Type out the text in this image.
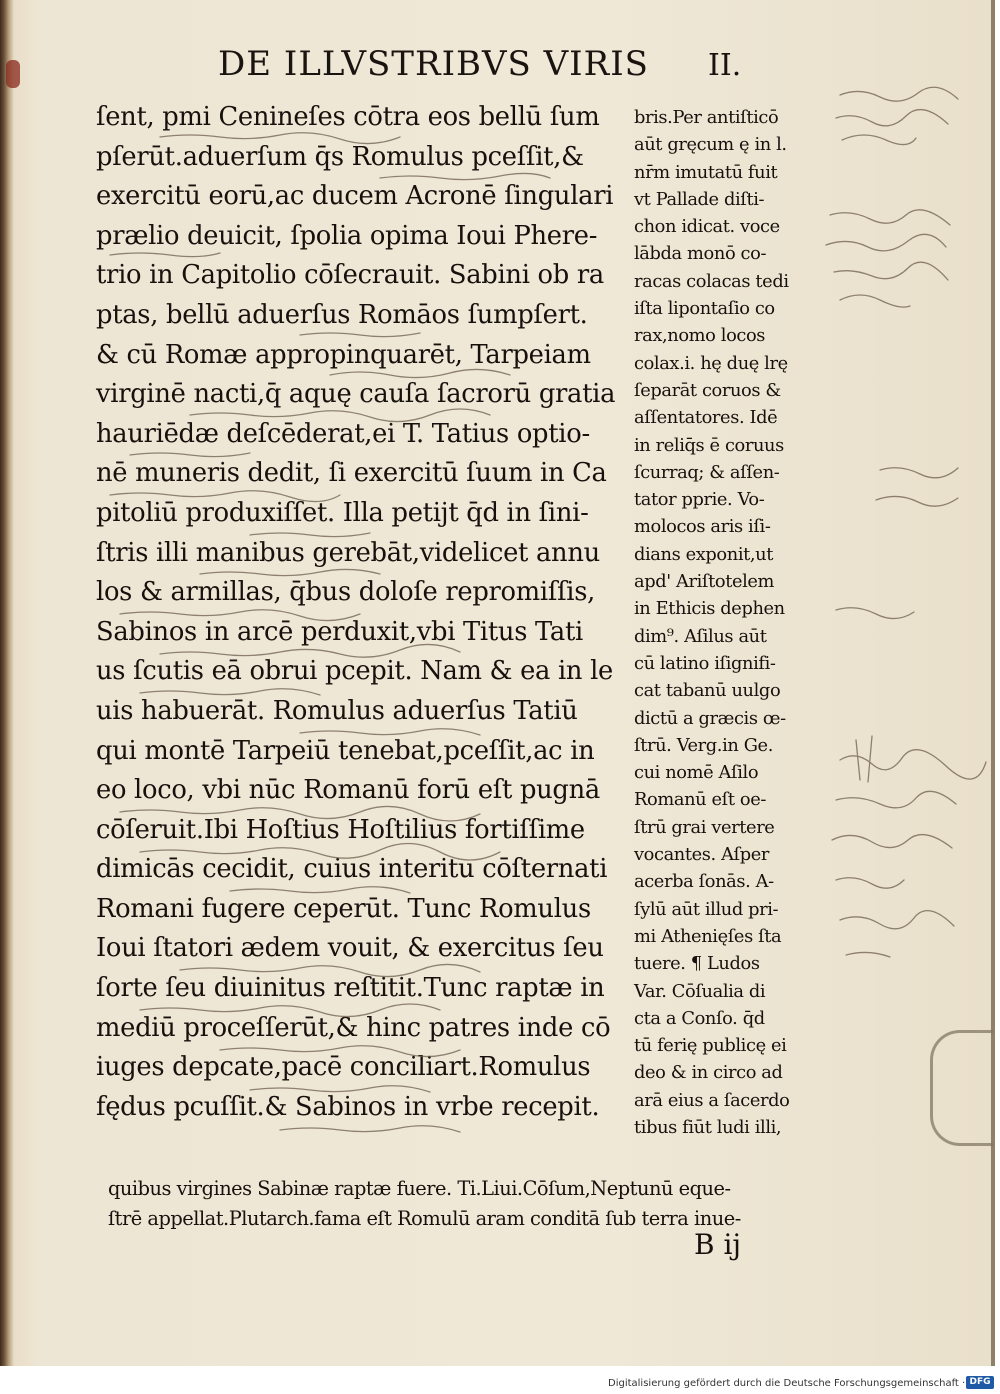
DE ILLVSTRIBVS VIRIS II.
ſent, pmi Cenineſes cōtra eos bellū ſum
pſerūt.aduerſum q̄s Romulus pceſſit,&
exercitū eorū,ac ducem Acronē ſingulari
prælio deuicit, ſpolia opima Ioui Phere-
trio in Capitolio cōſecrauit. Sabini ob ra
ptas, bellū aduerſus Romāos ſumpſert.
& cū Romæ appropinquarēt, Tarpeiam
virginē nacti,q̄ aquę cauſa ſacrorū gratia
hauriēdæ deſcēderat,ei T. Tatius optio-
nē muneris dedit, ſi exercitū ſuum in Ca
pitoliū produxiſſet. Illa petijt q̄d in ſini-
ſtris illi manibus gerebāt,videlicet annu
los & armillas, q̄bus doloſe repromiſſis,
Sabinos in arcē perduxit,vbi Titus Tati
us ſcutis eā obrui pcepit. Nam & ea in le
uis habuerāt. Romulus aduerſus Tatiū
qui montē Tarpeiū tenebat,pceſſit,ac in
eo loco, vbi nūc Romanū forū eſt pugnā
cōſeruit.Ibi Hoſtius Hoſtilius fortiſſime
dimicās cecidit, cuius interitu cōſternati
Romani fugere ceperūt. Tunc Romulus
Ioui ſtatori ædem vouit, & exercitus ſeu
ſorte ſeu diuinitus reſtitit.Tunc raptæ in
mediū proceſſerūt,& hinc patres inde cō
iuges depcate,pacē conciliart.Romulus
fędus pcuſſit.& Sabinos in vrbe recepit.
bris.Per antiſticō
aūt gręcum ę in l.
nr̄m imutatū fuit
vt Pallade diſti-
chon idicat. voce
lābda monō co-
racas colacas tedi
iſta lipontaſio co
rax,nomo locos
colax.i. hę duę lrę
ſeparāt coruos &
aſſentatores. Idē
in reliq̄s ē coruus
ſcurraq; & aſſen-
tator pprie. Vo-
molocos aris iſi-
dians exponit,ut
apd' Ariſtotelem
in Ethicis dephen
dim⁹. Aſilus aūt
cū latino iſignifi-
cat tabanū uulgo
dictū a græcis œ-
ſtrū. Verg.in Ge.
cui nomē Aſilo
Romanū eſt oe-
ſtrū grai vertere
vocantes. Aſper
acerba ſonās. A-
ſylū aūt illud pri-
mi Athenięſes ſta
tuere. ¶ Ludos
Var. Cōſualia di
cta a Conſo. q̄d
tū ferię publicę ei
deo & in circo ad
arā eius a ſacerdo
tibus fiūt ludi illi,
quibus virgines Sabinæ raptæ fuere. Ti.Liui.Cōſum,Neptunū eque-
ſtrē appellat.Plutarch.fama eſt Romulū aram conditā ſub terra inue-
B ij
Digitalisierung gefördert durch die Deutsche Forschungsgemeinschaft · DFG
